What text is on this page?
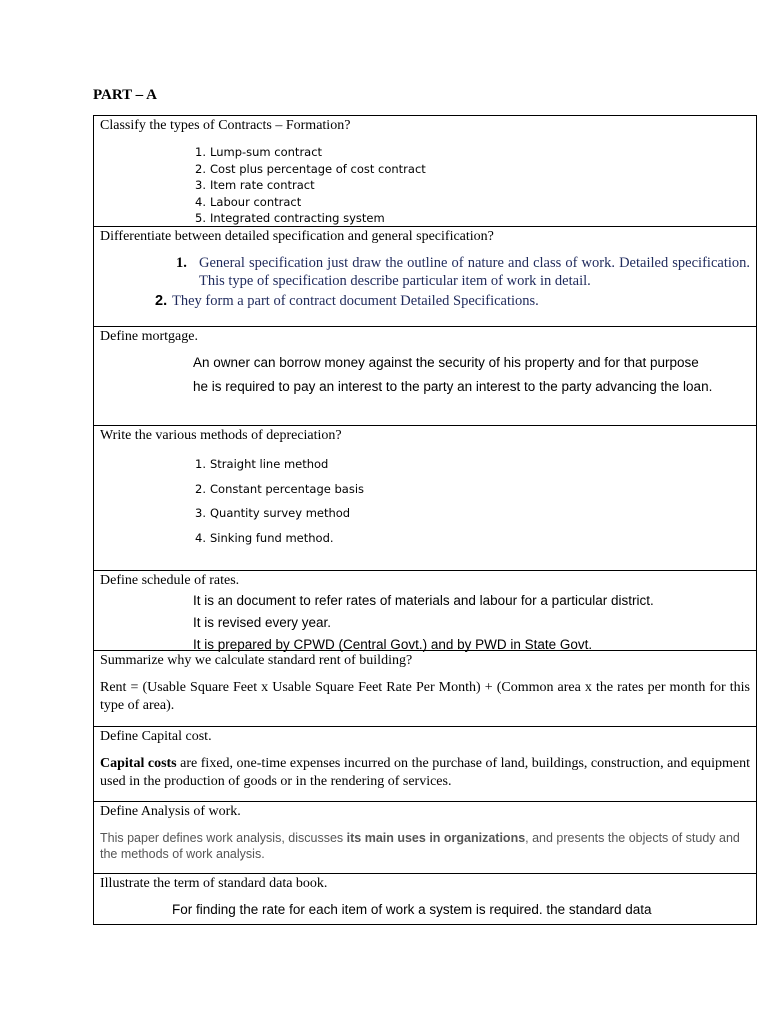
PART – A
Classify the types of Contracts – Formation?
1. Lump-sum contract
2. Cost plus percentage of cost contract
3. Item rate contract
4. Labour contract
5. Integrated contracting system
Differentiate between detailed specification and general specification?
1. General specification just draw the outline of nature and class of work. Detailed specification. This type of specification describe particular item of work in detail.
2. They form a part of contract document Detailed Specifications.
Define mortgage.
An owner can borrow money against the security of his property and for that purpose he is required to pay an interest to the party an interest to the party advancing the loan.
Write the various methods of depreciation?
1. Straight line method
2. Constant percentage basis
3. Quantity survey method
4. Sinking fund method.
Define schedule of rates.
It is an document to refer rates of materials and labour for a particular district.
It is revised every year.
It is prepared by CPWD (Central Govt.) and by PWD in State Govt.
Summarize why we calculate standard rent of building?
Rent = (Usable Square Feet x Usable Square Feet Rate Per Month) + (Common area x the rates per month for this type of area).
Define Capital cost.
Capital costs are fixed, one-time expenses incurred on the purchase of land, buildings, construction, and equipment used in the production of goods or in the rendering of services.
Define Analysis of work.
This paper defines work analysis, discusses its main uses in organizations, and presents the objects of study and the methods of work analysis.
Illustrate the term of standard data book.
For finding the rate for each item of work a system is required. the standard data
